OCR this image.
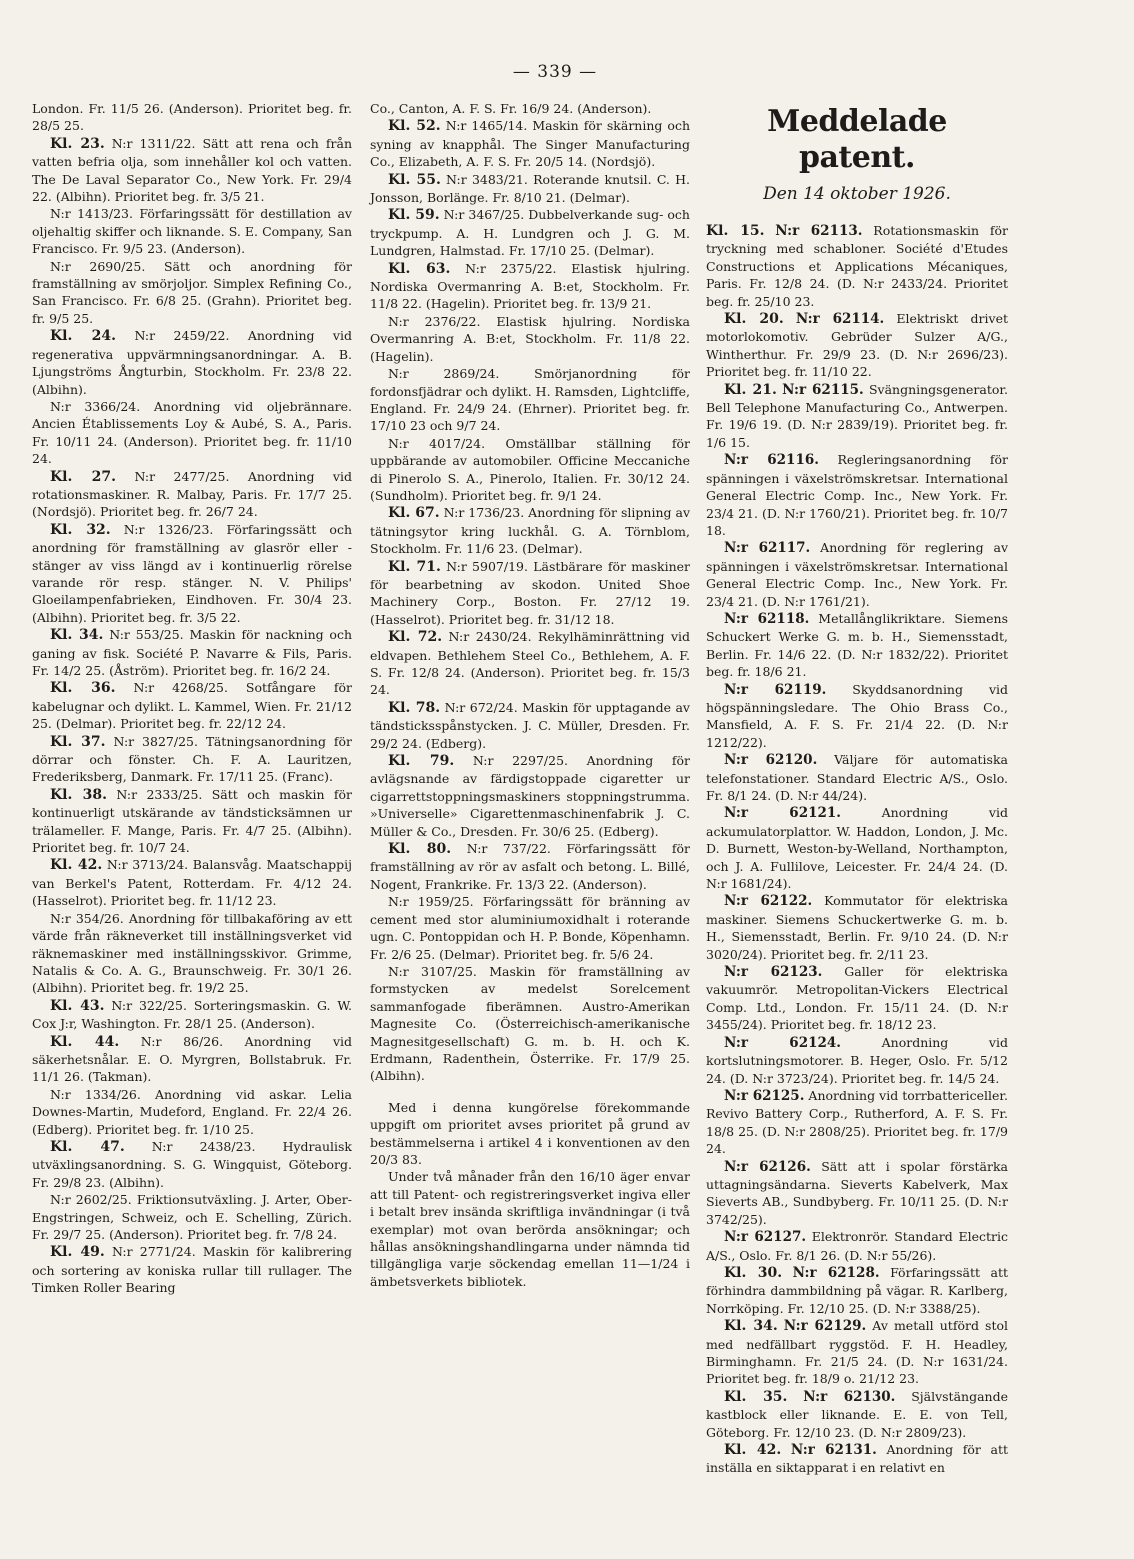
— 339 —

London. Fr. 11/5 26. (Anderson). Prioritet beg. fr. 28/5 25.

Kl. 23. N:r 1311/22. Sätt att rena och från vatten befria olja, som innehåller kol och vatten. The De Laval Separator Co., New York. Fr. 29/4 22. (Albihn). Prioritet beg. fr. 3/5 21.

N:r 1413/23. Förfaringssätt för destillation av oljehaltig skiffer och liknande. S. E. Company, San Francisco. Fr. 9/5 23. (Anderson).

N:r 2690/25. Sätt och anordning för framställning av smörjoljor. Simplex Refining Co., San Francisco. Fr. 6/8 25. (Grahn). Prioritet beg. fr. 9/5 25.

Kl. 24. N:r 2459/22. Anordning vid regenerativa uppvärmningsanordningar. A. B. Ljungströms Ångturbin, Stockholm. Fr. 23/8 22. (Albihn).

N:r 3366/24. Anordning vid oljebrännare. Ancien Établissements Loy & Aubé, S. A., Paris. Fr. 10/11 24. (Anderson). Prioritet beg. fr. 11/10 24.

Kl. 27. N:r 2477/25. Anordning vid rotationsmaskiner. R. Malbay, Paris. Fr. 17/7 25. (Nordsjö). Prioritet beg. fr. 26/7 24.

Kl. 32. N:r 1326/23. Förfaringssätt och anordning för framställning av glasrör eller -stänger av viss längd av i kontinuerlig rörelse varande rör resp. stänger. N. V. Philips' Gloeilampenfabrieken, Eindhoven. Fr. 30/4 23. (Albihn). Prioritet beg. fr. 3/5 22.

Kl. 34. N:r 553/25. Maskin för nackning och ganing av fisk. Société P. Navarre & Fils, Paris. Fr. 14/2 25. (Åström). Prioritet beg. fr. 16/2 24.

Kl. 36. N:r 4268/25. Sotfångare för kabelugnar och dylikt. L. Kammel, Wien. Fr. 21/12 25. (Delmar). Prioritet beg. fr. 22/12 24.

Kl. 37. N:r 3827/25. Tätningsanordning för dörrar och fönster. Ch. F. A. Lauritzen, Frederiksberg, Danmark. Fr. 17/11 25. (Franc).

Kl. 38. N:r 2333/25. Sätt och maskin för kontinuerligt utskärande av tändsticksämnen ur trälameller. F. Mange, Paris. Fr. 4/7 25. (Albihn). Prioritet beg. fr. 10/7 24.

Kl. 42. N:r 3713/24. Balansvåg. Maatschappij van Berkel's Patent, Rotterdam. Fr. 4/12 24. (Hasselrot). Prioritet beg. fr. 11/12 23.

N:r 354/26. Anordning för tillbakaföring av ett värde från räkneverket till inställningsverket vid räknemaskiner med inställningsskivor. Grimme, Natalis & Co. A. G., Braunschweig. Fr. 30/1 26. (Albihn). Prioritet beg. fr. 19/2 25.

Kl. 43. N:r 322/25. Sorteringsmaskin. G. W. Cox J:r, Washington. Fr. 28/1 25. (Anderson).

Kl. 44. N:r 86/26. Anordning vid säkerhetsnålar. E. O. Myrgren, Bollstabruk. Fr. 11/1 26. (Takman).

N:r 1334/26. Anordning vid askar. Lelia Downes-Martin, Mudeford, England. Fr. 22/4 26. (Edberg). Prioritet beg. fr. 1/10 25.

Kl. 47. N:r 2438/23. Hydraulisk utväxlingsanordning. S. G. Wingquist, Göteborg. Fr. 29/8 23. (Albihn).

N:r 2602/25. Friktionsutväxling. J. Arter, Ober-Engstringen, Schweiz, och E. Schelling, Zürich. Fr. 29/7 25. (Anderson). Prioritet beg. fr. 7/8 24.

Kl. 49. N:r 2771/24. Maskin för kalibrering och sortering av koniska rullar till rullager. The Timken Roller Bearing

Co., Canton, A. F. S. Fr. 16/9 24. (Anderson).

Kl. 52. N:r 1465/14. Maskin för skärning och syning av knapphål. The Singer Manufacturing Co., Elizabeth, A. F. S. Fr. 20/5 14. (Nordsjö).

Kl. 55. N:r 3483/21. Roterande knutsil. C. H. Jonsson, Borlänge. Fr. 8/10 21. (Delmar).

Kl. 59. N:r 3467/25. Dubbelverkande sug- och tryckpump. A. H. Lundgren och J. G. M. Lundgren, Halmstad. Fr. 17/10 25. (Delmar).

Kl. 63. N:r 2375/22. Elastisk hjulring. Nordiska Overmanring A. B:et, Stockholm. Fr. 11/8 22. (Hagelin). Prioritet beg. fr. 13/9 21.

N:r 2376/22. Elastisk hjulring. Nordiska Overmanring A. B:et, Stockholm. Fr. 11/8 22. (Hagelin).

N:r 2869/24. Smörjanordning för fordonsfjädrar och dylikt. H. Ramsden, Lightcliffe, England. Fr. 24/9 24. (Ehrner). Prioritet beg. fr. 17/10 23 och 9/7 24.

N:r 4017/24. Omställbar ställning för uppbärande av automobiler. Officine Meccaniche di Pinerolo S. A., Pinerolo, Italien. Fr. 30/12 24. (Sundholm). Prioritet beg. fr. 9/1 24.

Kl. 67. N:r 1736/23. Anordning för slipning av tätningsytor kring luckhål. G. A. Törnblom, Stockholm. Fr. 11/6 23. (Delmar).

Kl. 71. N:r 5907/19. Lästbärare för maskiner för bearbetning av skodon. United Shoe Machinery Corp., Boston. Fr. 27/12 19. (Hasselrot). Prioritet beg. fr. 31/12 18.

Kl. 72. N:r 2430/24. Rekylhäminrättning vid eldvapen. Bethlehem Steel Co., Bethlehem, A. F. S. Fr. 12/8 24. (Anderson). Prioritet beg. fr. 15/3 24.

Kl. 78. N:r 672/24. Maskin för upptagande av tändsticksspånstycken. J. C. Müller, Dresden. Fr. 29/2 24. (Edberg).

Kl. 79. N:r 2297/25. Anordning för avlägsnande av färdigstoppade cigaretter ur cigarrettstoppningsmaskiners stoppningstrumma. »Universelle» Cigarettenmaschinenfabrik J. C. Müller & Co., Dresden. Fr. 30/6 25. (Edberg).

Kl. 80. N:r 737/22. Förfaringssätt för framställning av rör av asfalt och betong. L. Billé, Nogent, Frankrike. Fr. 13/3 22. (Anderson).

N:r 1959/25. Förfaringssätt för bränning av cement med stor aluminiumoxidhalt i roterande ugn. C. Pontoppidan och H. P. Bonde, Köpenhamn. Fr. 2/6 25. (Delmar). Prioritet beg. fr. 5/6 24.

N:r 3107/25. Maskin för framställning av formstycken av medelst Sorelcement sammanfogade fiberämnen. Austro-Amerikan Magnesite Co. (Österreichisch-amerikanische Magnesitgesellschaft) G. m. b. H. och K. Erdmann, Radenthein, Österrike. Fr. 17/9 25. (Albihn).

Med i denna kungörelse förekommande uppgift om prioritet avses prioritet på grund av bestämmelserna i artikel 4 i konventionen av den 20/3 83.

Under två månader från den 16/10 äger envar att till Patent- och registreringsverket ingiva eller i betalt brev insända skriftliga invändningar (i två exemplar) mot ovan berörda ansökningar; och hållas ansökningshandlingarna under nämnda tid tillgängliga varje söckendag emellan 11—1/24 i ämbetsverkets bibliotek.

Meddelade patent.
Den 14 oktober 1926.

Kl. 15. N:r 62113. Rotationsmaskin för tryckning med schabloner. Société d'Etudes Constructions et Applications Mécaniques, Paris. Fr. 12/8 24. (D. N:r 2433/24. Prioritet beg. fr. 25/10 23.

Kl. 20. N:r 62114. Elektriskt drivet motorlokomotiv. Gebrüder Sulzer A/G., Wintherthur. Fr. 29/9 23. (D. N:r 2696/23). Prioritet beg. fr. 11/10 22.

Kl. 21. N:r 62115. Svängningsgenerator. Bell Telephone Manufacturing Co., Antwerpen. Fr. 19/6 19. (D. N:r 2839/19). Prioritet beg. fr. 1/6 15.

N:r 62116. Regleringsanordning för spänningen i växelströmskretsar. International General Electric Comp. Inc., New York. Fr. 23/4 21. (D. N:r 1760/21). Prioritet beg. fr. 10/7 18.

N:r 62117. Anordning för reglering av spänningen i växelströmskretsar. International General Electric Comp. Inc., New York. Fr. 23/4 21. (D. N:r 1761/21).

N:r 62118. Metallånglikriktare. Siemens Schuckert Werke G. m. b. H., Siemensstadt, Berlin. Fr. 14/6 22. (D. N:r 1832/22). Prioritet beg. fr. 18/6 21.

N:r 62119. Skyddsanordning vid högspänningsledare. The Ohio Brass Co., Mansfield, A. F. S. Fr. 21/4 22. (D. N:r 1212/22).

N:r 62120. Väljare för automatiska telefonstationer. Standard Electric A/S., Oslo. Fr. 8/1 24. (D. N:r 44/24).

N:r 62121. Anordning vid ackumulatorplattor. W. Haddon, London, J. Mc. D. Burnett, Weston-by-Welland, Northampton, och J. A. Fullilove, Leicester. Fr. 24/4 24. (D. N:r 1681/24).

N:r 62122. Kommutator för elektriska maskiner. Siemens Schuckertwerke G. m. b. H., Siemensstadt, Berlin. Fr. 9/10 24. (D. N:r 3020/24). Prioritet beg. fr. 2/11 23.

N:r 62123. Galler för elektriska vakuumrör. Metropolitan-Vickers Electrical Comp. Ltd., London. Fr. 15/11 24. (D. N:r 3455/24). Prioritet beg. fr. 18/12 23.

N:r 62124. Anordning vid kortslutningsmotorer. B. Heger, Oslo. Fr. 5/12 24. (D. N:r 3723/24). Prioritet beg. fr. 14/5 24.

N:r 62125. Anordning vid torrbattericeller. Revivo Battery Corp., Rutherford, A. F. S. Fr. 18/8 25. (D. N:r 2808/25). Prioritet beg. fr. 17/9 24.

N:r 62126. Sätt att i spolar förstärka uttagningsändarna. Sieverts Kabelverk, Max Sieverts AB., Sundbyberg. Fr. 10/11 25. (D. N:r 3742/25).

N:r 62127. Elektronrör. Standard Electric A/S., Oslo. Fr. 8/1 26. (D. N:r 55/26).

Kl. 30. N:r 62128. Förfaringssätt att förhindra dammbildning på vägar. R. Karlberg, Norrköping. Fr. 12/10 25. (D. N:r 3388/25).

Kl. 34. N:r 62129. Av metall utförd stol med nedfällbart ryggstöd. F. H. Headley, Birminghamn. Fr. 21/5 24. (D. N:r 1631/24. Prioritet beg. fr. 18/9 o. 21/12 23.

Kl. 35. N:r 62130. Självstängande kastblock eller liknande. E. E. von Tell, Göteborg. Fr. 12/10 23. (D. N:r 2809/23).

Kl. 42. N:r 62131. Anordning för att inställa en siktapparat i en relativt en
